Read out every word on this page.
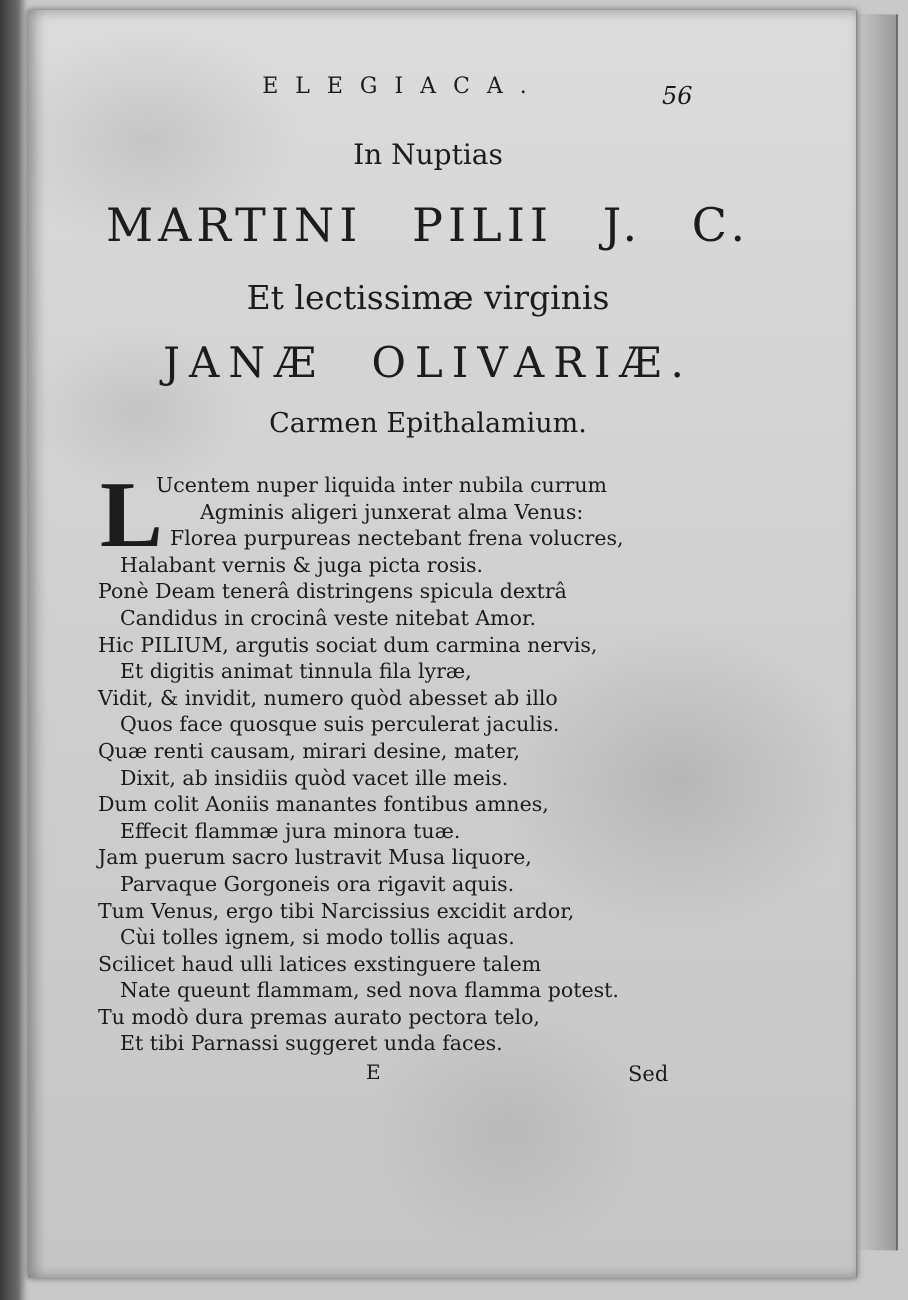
ELEGIACA.	56
In Nuptias
MARTINI PILII J. C.
Et lectissimæ virginis
JANÆ OLIVARIÆ.
Carmen Epithalamium.
L
Ucentem nuper liquida inter nubila currum
Agminis aligeri junxerat alma Venus:
Florea purpureas nectebant frena volucres,
Halabant vernis & juga picta rosis.
Ponè Deam tenerâ distringens spicula dextrâ
Candidus in crocinâ veste nitebat Amor.
Hic PILIUM, argutis sociat dum carmina nervis,
Et digitis animat tinnula fila lyræ,
Vidit, & invidit, numero quòd abesset ab illo
Quos face quosque suis perculerat jaculis.
Quæ renti causam, mirari desine, mater,
Dixit, ab insidiis quòd vacet ille meis.
Dum colit Aoniis manantes fontibus amnes,
Effecit flammæ jura minora tuæ.
Jam puerum sacro lustravit Musa liquore,
Parvaque Gorgoneis ora rigavit aquis.
Tum Venus, ergo tibi Narcissius excidit ardor,
Cùi tolles ignem, si modo tollis aquas.
Scilicet haud ulli latices exstinguere talem
Nate queunt flammam, sed nova flamma potest.
Tu modò dura premas aurato pectora telo,
Et tibi Parnassi suggeret unda faces.
E	Sed
